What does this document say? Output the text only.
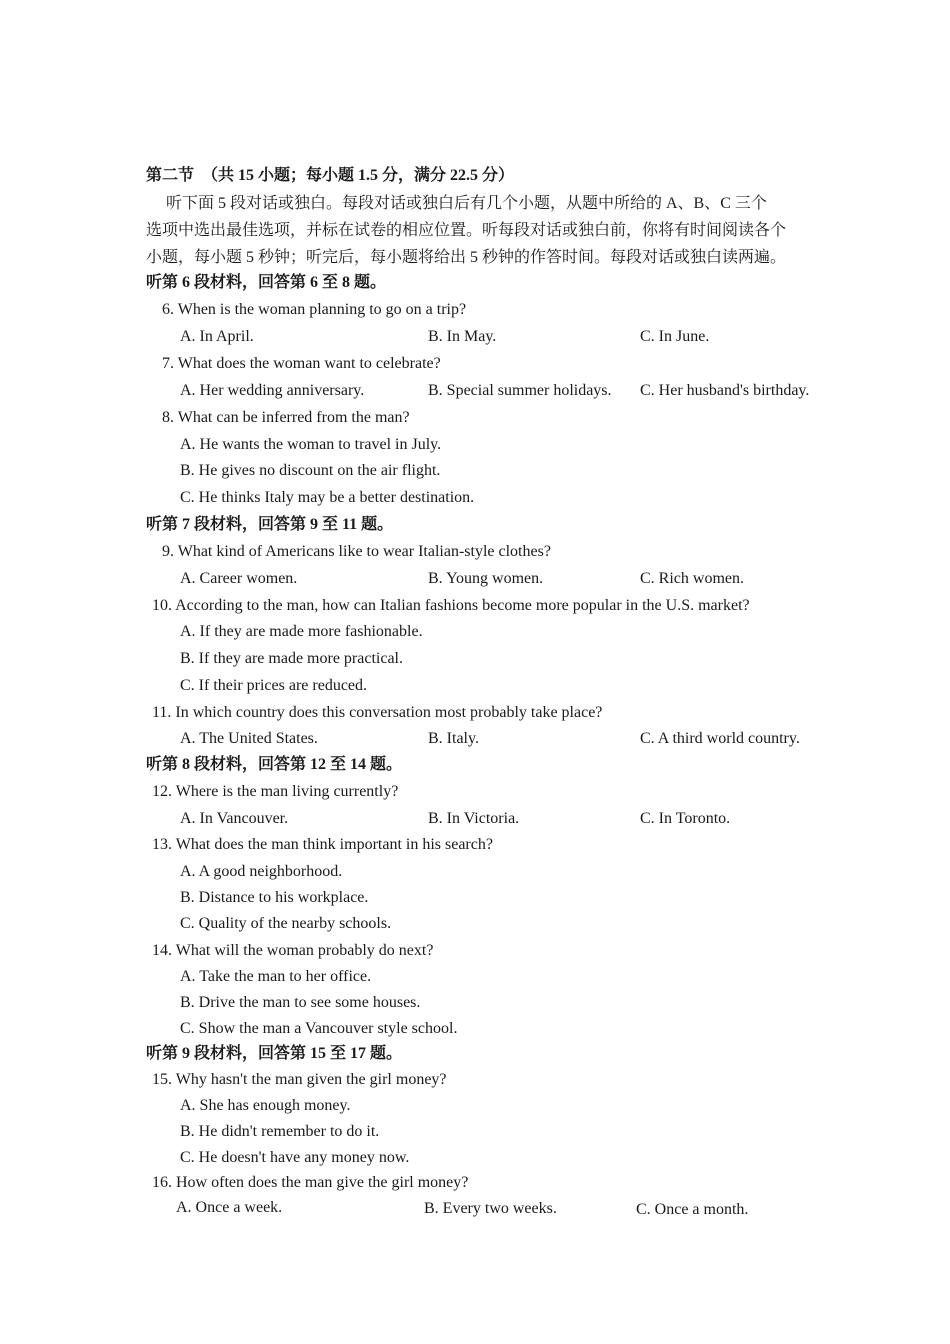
第二节　（共 15 小题；每小题 1.5 分，满分 22.5 分）
听下面 5 段对话或独白。每段对话或独白后有几个小题，从题中所给的 A、B、C 三个
选项中选出最佳选项，并标在试卷的相应位置。听每段对话或独白前，你将有时间阅读各个
小题，每小题 5 秒钟；听完后，每小题将给出 5 秒钟的作答时间。每段对话或独白读两遍。
听第 6 段材料，回答第 6 至 8 题。
6. When is the woman planning to go on a trip?
A. In April.	B. In May.	C. In June.
7. What does the woman want to celebrate?
A. Her wedding anniversary.	B. Special summer holidays. C. Her husband's birthday.
8. What can be inferred from the man?
A. He wants the woman to travel in July.
B. He gives no discount on the air flight.
C. He thinks Italy may be a better destination.
听第 7 段材料，回答第 9 至 11 题。
9. What kind of Americans like to wear Italian-style clothes?
A. Career women.	B. Young women.	C. Rich women.
10. According to the man, how can Italian fashions become more popular in the U.S. market?
A. If they are made more fashionable.
B. If they are made more practical.
C. If their prices are reduced.
11. In which country does this conversation most probably take place?
A. The United States.	B. Italy.	C. A third world country.
听第 8 段材料，回答第 12 至 14 题。
12. Where is the man living currently?
A. In Vancouver.	B. In Victoria.	C. In Toronto.
13. What does the man think important in his search?
A. A good neighborhood.
B. Distance to his workplace.
C. Quality of the nearby schools.
14. What will the woman probably do next?
A. Take the man to her office.
B. Drive the man to see some houses.
C. Show the man a Vancouver style school.
听第 9 段材料，回答第 15 至 17 题。
15. Why hasn't the man given the girl money?
A. She has enough money.
B. He didn't remember to do it.
C. He doesn't have any money now.
16. How often does the man give the girl money?
A. Once a week.	B. Every two weeks.	C. Once a month.
